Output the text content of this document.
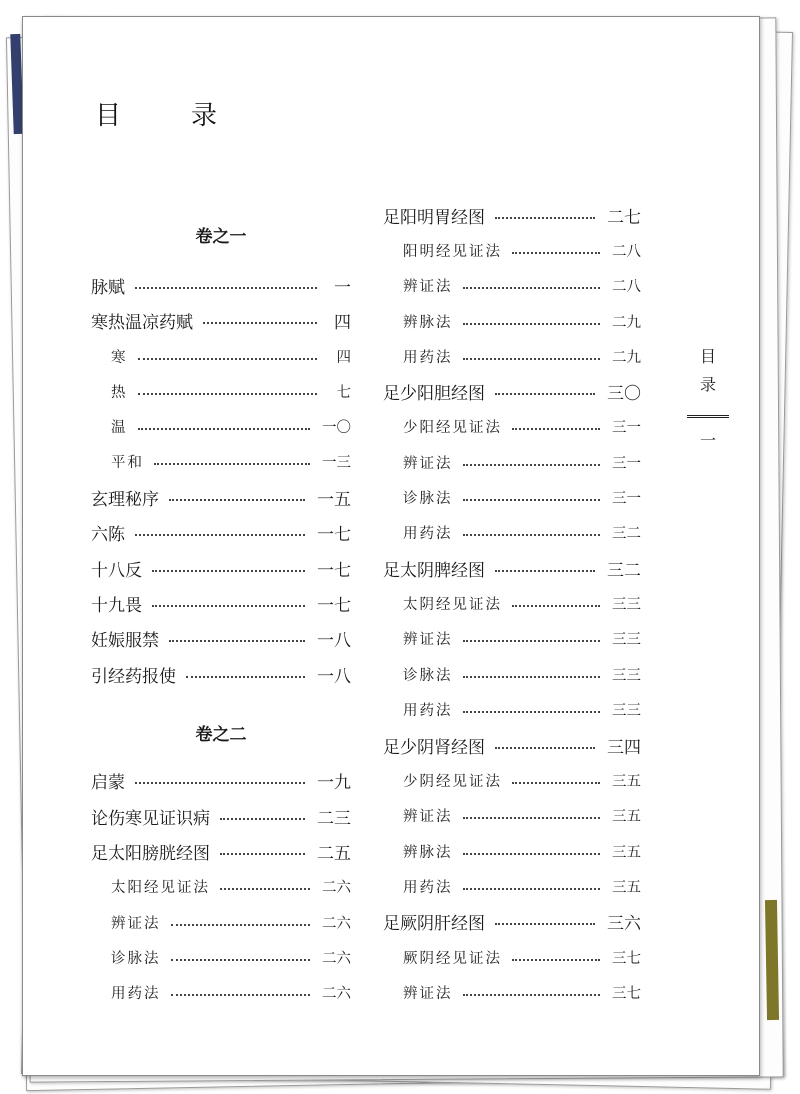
目　录
卷之一
脉赋	一
寒热温凉药赋	四
寒	四
热	七
温	一〇
平和	一三
玄理秘序	一五
六陈	一七
十八反	一七
十九畏	一七
妊娠服禁	一八
引经药报使	一八
卷之二
启蒙	一九
论伤寒见证识病	二三
足太阳膀胱经图	二五
太阳经见证法	二六
辨证法	二六
诊脉法	二六
用药法	二六
足阳明胃经图	二七
阳明经见证法	二八
辨证法	二八
辨脉法	二九
用药法	二九
足少阳胆经图	三〇
少阳经见证法	三一
辨证法	三一
诊脉法	三一
用药法	三二
足太阴脾经图	三二
太阴经见证法	三三
辨证法	三三
诊脉法	三三
用药法	三三
足少阴肾经图	三四
少阴经见证法	三五
辨证法	三五
辨脉法	三五
用药法	三五
足厥阴肝经图	三六
厥阴经见证法	三七
辨证法	三七
目
录
一
